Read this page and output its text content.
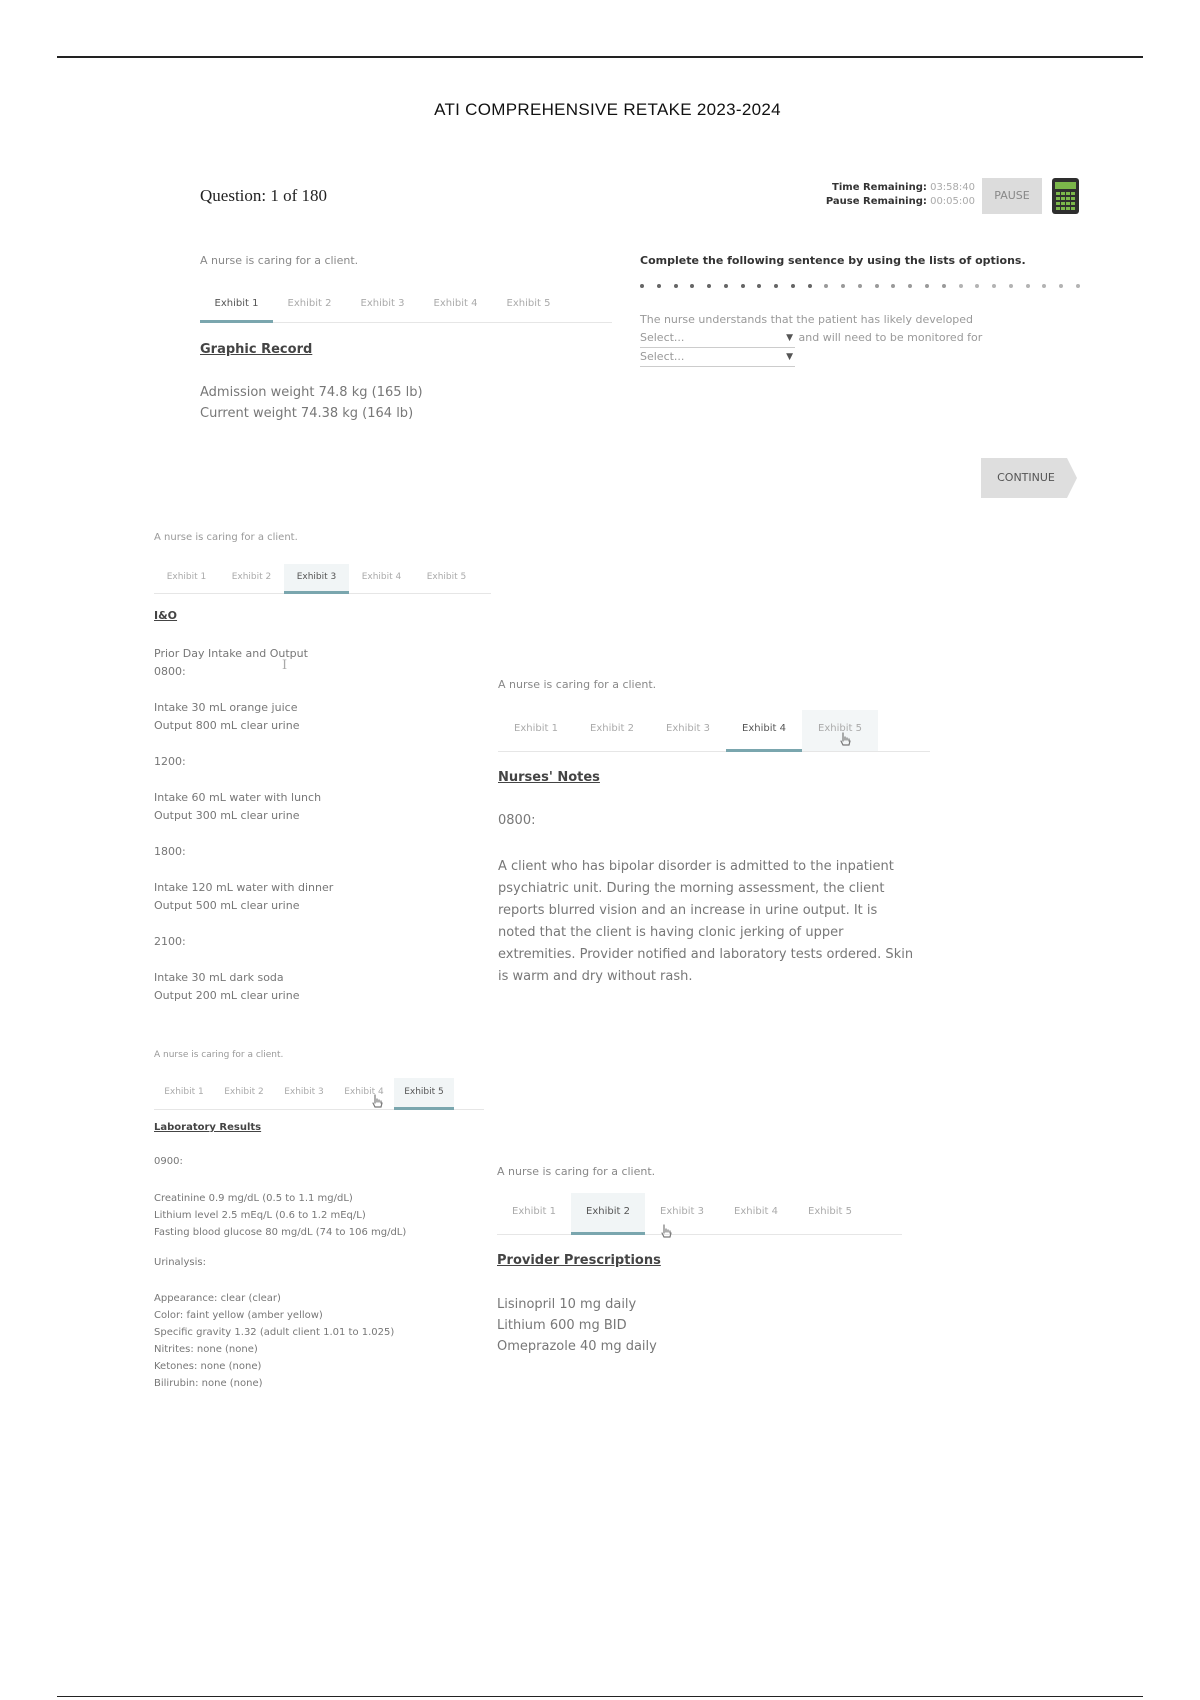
ATI COMPREHENSIVE RETAKE 2023-2024
Question: 1 of 180	Time Remaining: 03:58:40
Pause Remaining: 00:05:00	PAUSE
A nurse is caring for a client.
Exhibit 1	Exhibit 2	Exhibit 3	Exhibit 4	Exhibit 5
Graphic Record
Admission weight 74.8 kg (165 lb)
Current weight 74.38 kg (164 lb)
Complete the following sentence by using the lists of options.
The nurse understands that the patient has likely developed
Select...	▼ and will need to be monitored for
Select...	▼
CONTINUE
A nurse is caring for a client.
Exhibit 1	Exhibit 2	Exhibit 3	Exhibit 4	Exhibit 5
I&O
Prior Day Intake and Output
0800:
Intake 30 mL orange juice
Output 800 mL clear urine
1200:
Intake 60 mL water with lunch
Output 300 mL clear urine
1800:
Intake 120 mL water with dinner
Output 500 mL clear urine
2100:
Intake 30 mL dark soda
Output 200 mL clear urine
I
A nurse is caring for a client.
Exhibit 1	Exhibit 2	Exhibit 3	Exhibit 4	Exhibit 5
Nurses' Notes
0800:
A client who has bipolar disorder is admitted to the inpatient
psychiatric unit. During the morning assessment, the client
reports blurred vision and an increase in urine output. It is
noted that the client is having clonic jerking of upper
extremities. Provider notified and laboratory tests ordered. Skin
is warm and dry without rash.
A nurse is caring for a client.
Exhibit 1	Exhibit 2	Exhibit 3	Exhibit 4	Exhibit 5
Laboratory Results
0900:
Creatinine 0.9 mg/dL (0.5 to 1.1 mg/dL)
Lithium level 2.5 mEq/L (0.6 to 1.2 mEq/L)
Fasting blood glucose 80 mg/dL (74 to 106 mg/dL)
Urinalysis:
Appearance: clear (clear)
Color: faint yellow (amber yellow)
Specific gravity 1.32 (adult client 1.01 to 1.025)
Nitrites: none (none)
Ketones: none (none)
Bilirubin: none (none)
A nurse is caring for a client.
Exhibit 1	Exhibit 2	Exhibit 3	Exhibit 4	Exhibit 5
Provider Prescriptions
Lisinopril 10 mg daily
Lithium 600 mg BID
Omeprazole 40 mg daily
